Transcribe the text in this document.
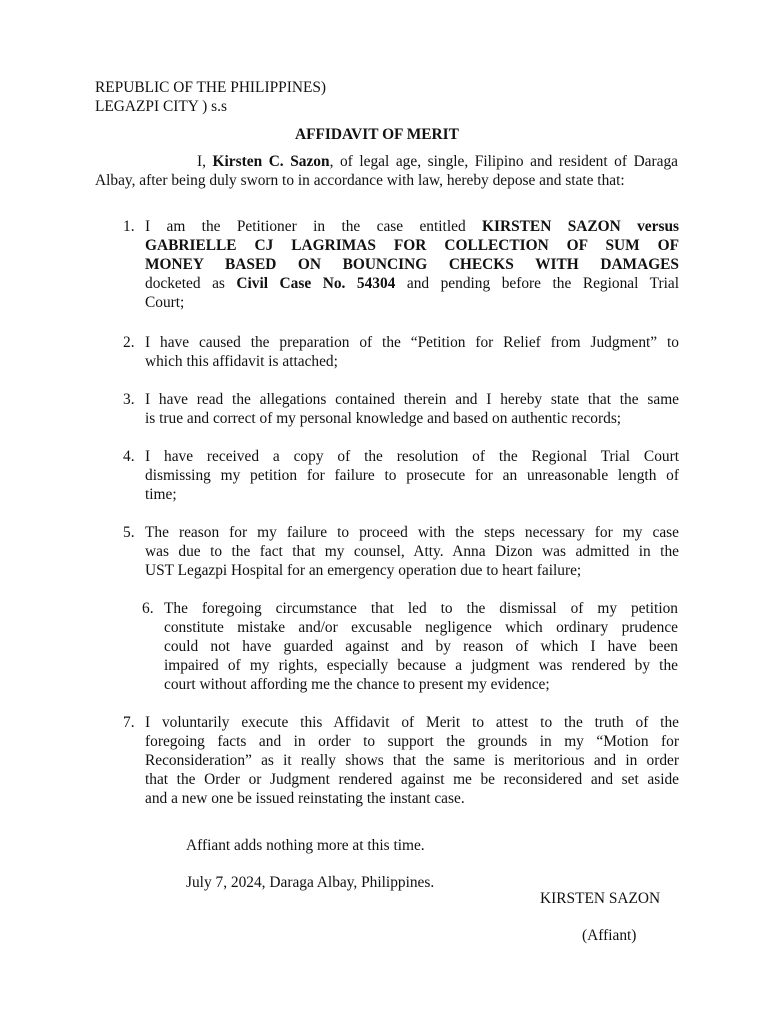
REPUBLIC OF THE PHILIPPINES)
LEGAZPI CITY ) s.s
AFFIDAVIT OF MERIT
I, Kirsten C. Sazon, of legal age, single, Filipino and resident of Daraga Albay, after being duly sworn to in accordance with law, hereby depose and state that:
1. I am the Petitioner in the case entitled KIRSTEN SAZON versus
GABRIELLE CJ LAGRIMAS FOR COLLECTION OF SUM OF
MONEY BASED ON BOUNCING CHECKS WITH DAMAGES
docketed as Civil Case No. 54304 and pending before the Regional Trial
Court;
2. I have caused the preparation of the “Petition for Relief from Judgment” to
which this affidavit is attached;
3. I have read the allegations contained therein and I hereby state that the same
is true and correct of my personal knowledge and based on authentic records;
4. I have received a copy of the resolution of the Regional Trial Court
dismissing my petition for failure to prosecute for an unreasonable length of
time;
5. The reason for my failure to proceed with the steps necessary for my case
was due to the fact that my counsel, Atty. Anna Dizon was admitted in the
UST Legazpi Hospital for an emergency operation due to heart failure;
6. The foregoing circumstance that led to the dismissal of my petition
constitute mistake and/or excusable negligence which ordinary prudence
could not have guarded against and by reason of which I have been
impaired of my rights, especially because a judgment was rendered by the
court without affording me the chance to present my evidence;
7. I voluntarily execute this Affidavit of Merit to attest to the truth of the
foregoing facts and in order to support the grounds in my “Motion for
Reconsideration” as it really shows that the same is meritorious and in order
that the Order or Judgment rendered against me be reconsidered and set aside
and a new one be issued reinstating the instant case.
Affiant adds nothing more at this time.
July 7, 2024, Daraga Albay, Philippines.
KIRSTEN SAZON
(Affiant)
